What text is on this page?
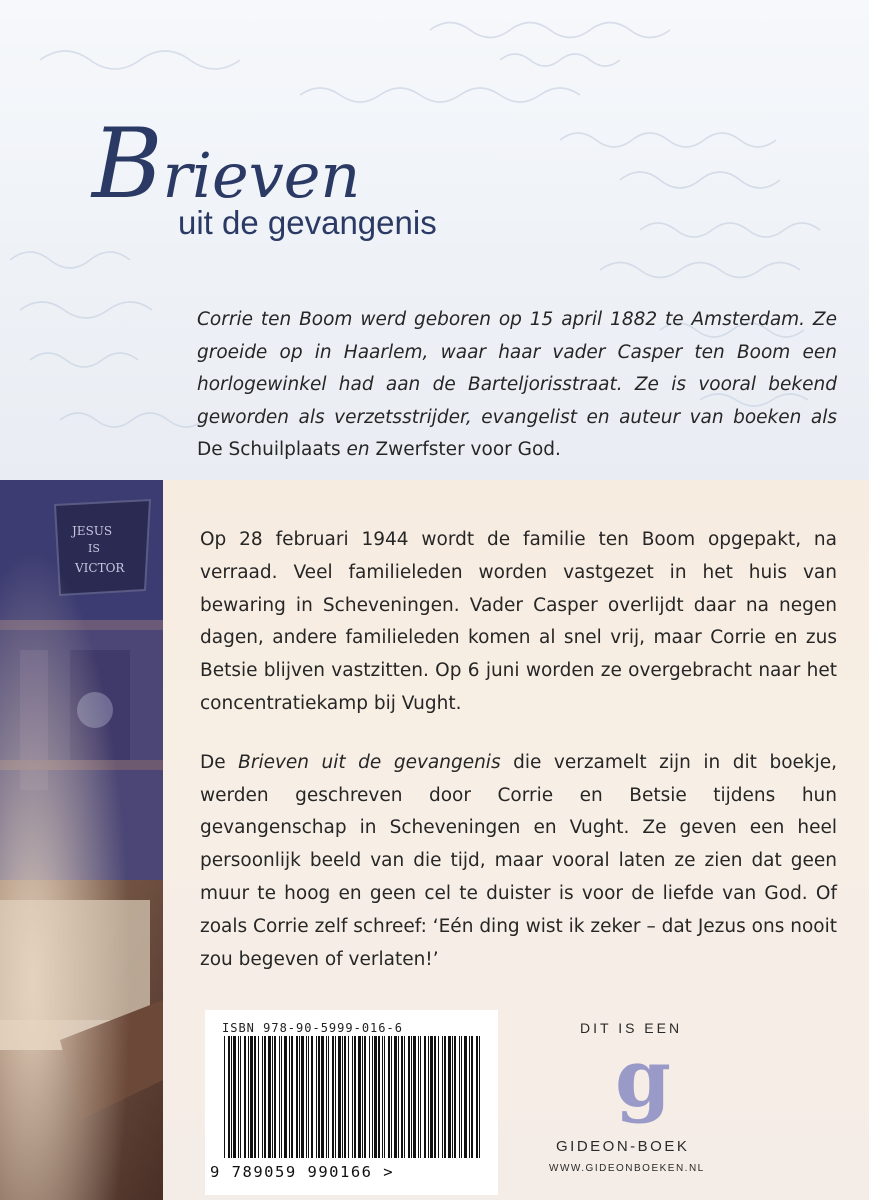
Brieven
uit de gevangenis
Corrie ten Boom werd geboren op 15 april 1882 te Amsterdam. Ze groeide op in Haarlem, waar haar vader Casper ten Boom een horlogewinkel had aan de Barteljorisstraat. Ze is vooral bekend geworden als verzetsstrijder, evangelist en auteur van boeken als De Schuilplaats en Zwerfster voor God.

Op 28 februari 1944 wordt de familie ten Boom opgepakt, na verraad. Veel familieleden worden vastgezet in het huis van bewaring in Scheveningen. Vader Casper overlijdt daar na negen dagen, andere familieleden komen al snel vrij, maar Corrie en zus Betsie blijven vastzitten. Op 6 juni worden ze overgebracht naar het concentratiekamp bij Vught.

De Brieven uit de gevangenis die verzamelt zijn in dit boekje, werden geschreven door Corrie en Betsie tijdens hun gevangenschap in Scheveningen en Vught. Ze geven een heel persoonlijk beeld van die tijd, maar vooral laten ze zien dat geen muur te hoog en geen cel te duister is voor de liefde van God. Of zoals Corrie zelf schreef: ‘Eén ding wist ik zeker – dat Jezus ons nooit zou begeven of verlaten!’

ISBN 978-90-5999-016-6
9 789059 990166 >
DIT IS EEN
g
GIDEON-BOEK
WWW.GIDEONBOEKEN.NL
